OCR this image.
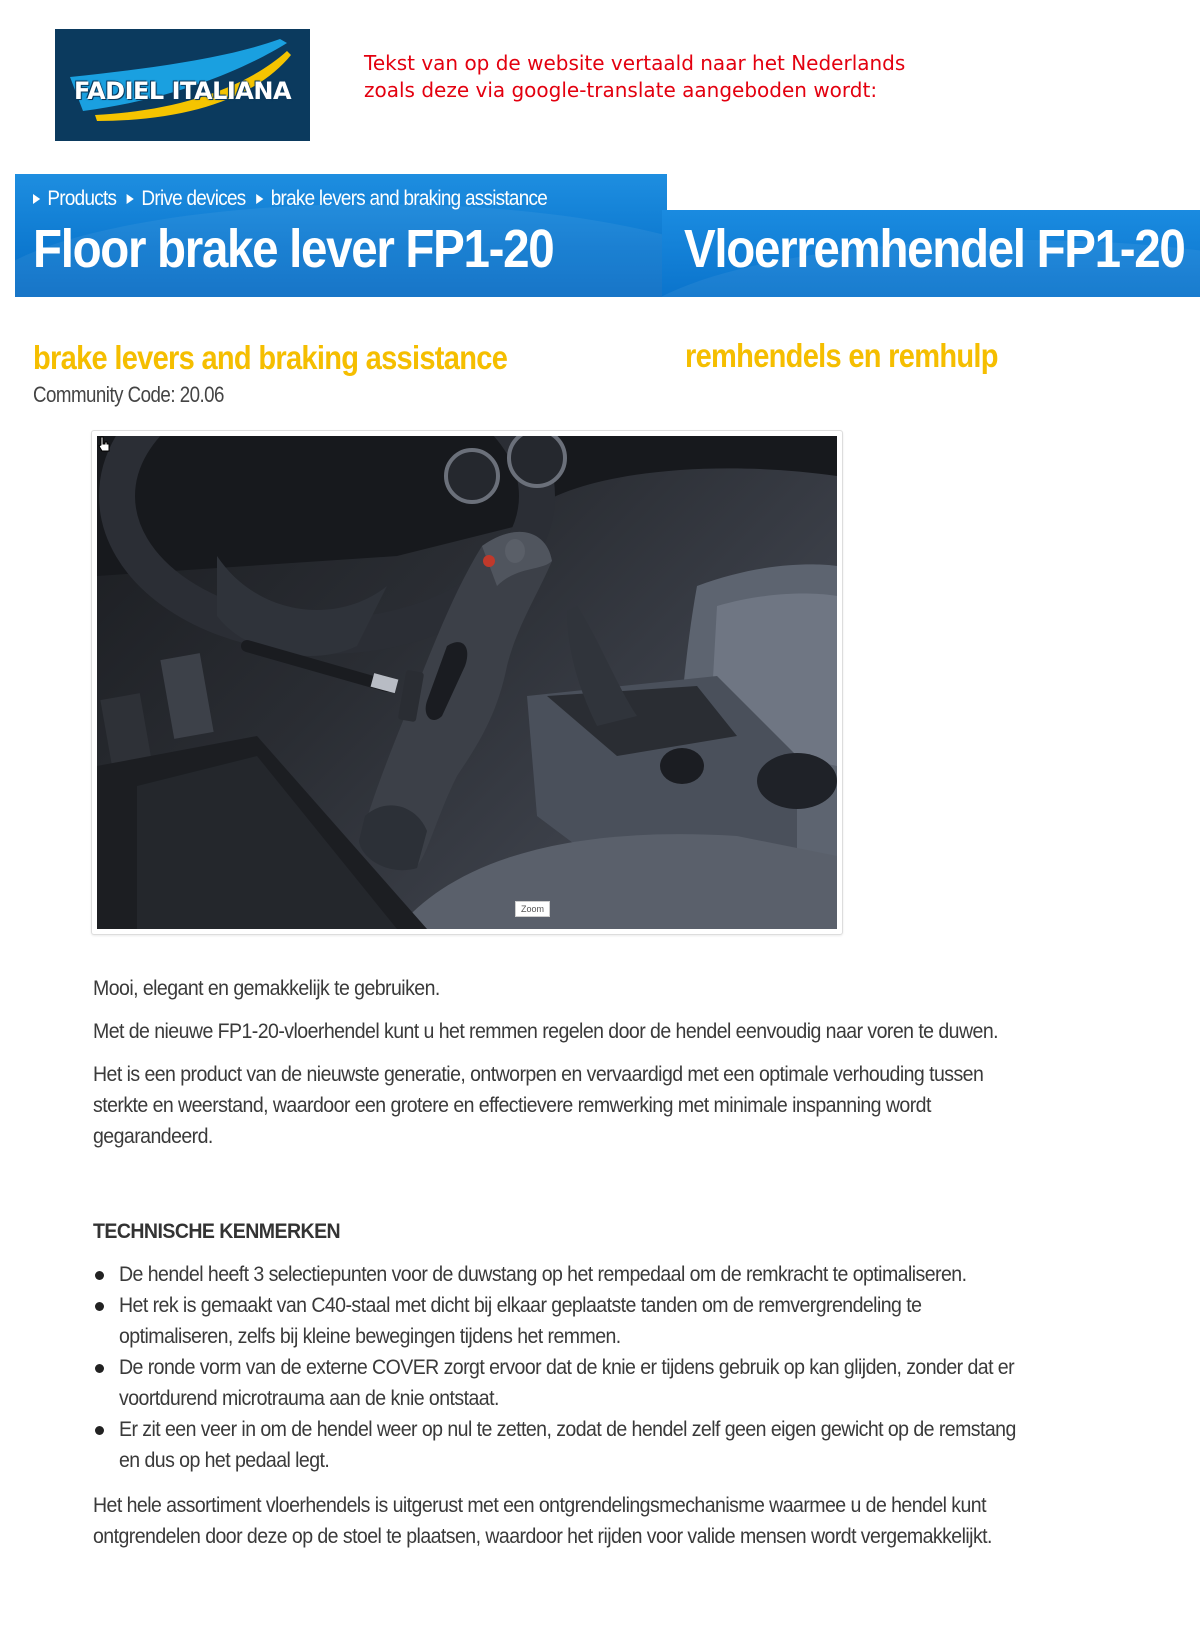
FADIEL ITALIANA
Tekst van op de website vertaald naar het Nederlands
zoals deze via google-translate aangeboden wordt:
Products Drive devices brake levers and braking assistance
Floor brake lever FP1-20 Vloerremhendel FP1-20
brake levers and braking assistance	remhendels en remhulp
Community Code: 20.06
Zoom

Mooi, elegant en gemakkelijk te gebruiken.

Met de nieuwe FP1-20-vloerhendel kunt u het remmen regelen door de hendel eenvoudig naar voren te duwen.

Het is een product van de nieuwste generatie, ontworpen en vervaardigd met een optimale verhouding tussen sterkte en weerstand, waardoor een grotere en effectievere remwerking met minimale inspanning wordt gegarandeerd.

TECHNISCHE KENMERKEN
De hendel heeft 3 selectiepunten voor de duwstang op het rempedaal om de remkracht te optimaliseren.
Het rek is gemaakt van C40-staal met dicht bij elkaar geplaatste tanden om de remvergrendeling te optimaliseren, zelfs bij kleine bewegingen tijdens het remmen.
De ronde vorm van de externe COVER zorgt ervoor dat de knie er tijdens gebruik op kan glijden, zonder dat er voortdurend microtrauma aan de knie ontstaat.
Er zit een veer in om de hendel weer op nul te zetten, zodat de hendel zelf geen eigen gewicht op de remstang en dus op het pedaal legt.

Het hele assortiment vloerhendels is uitgerust met een ontgrendelingsmechanisme waarmee u de hendel kunt ontgrendelen door deze op de stoel te plaatsen, waardoor het rijden voor valide mensen wordt vergemakkelijkt.
